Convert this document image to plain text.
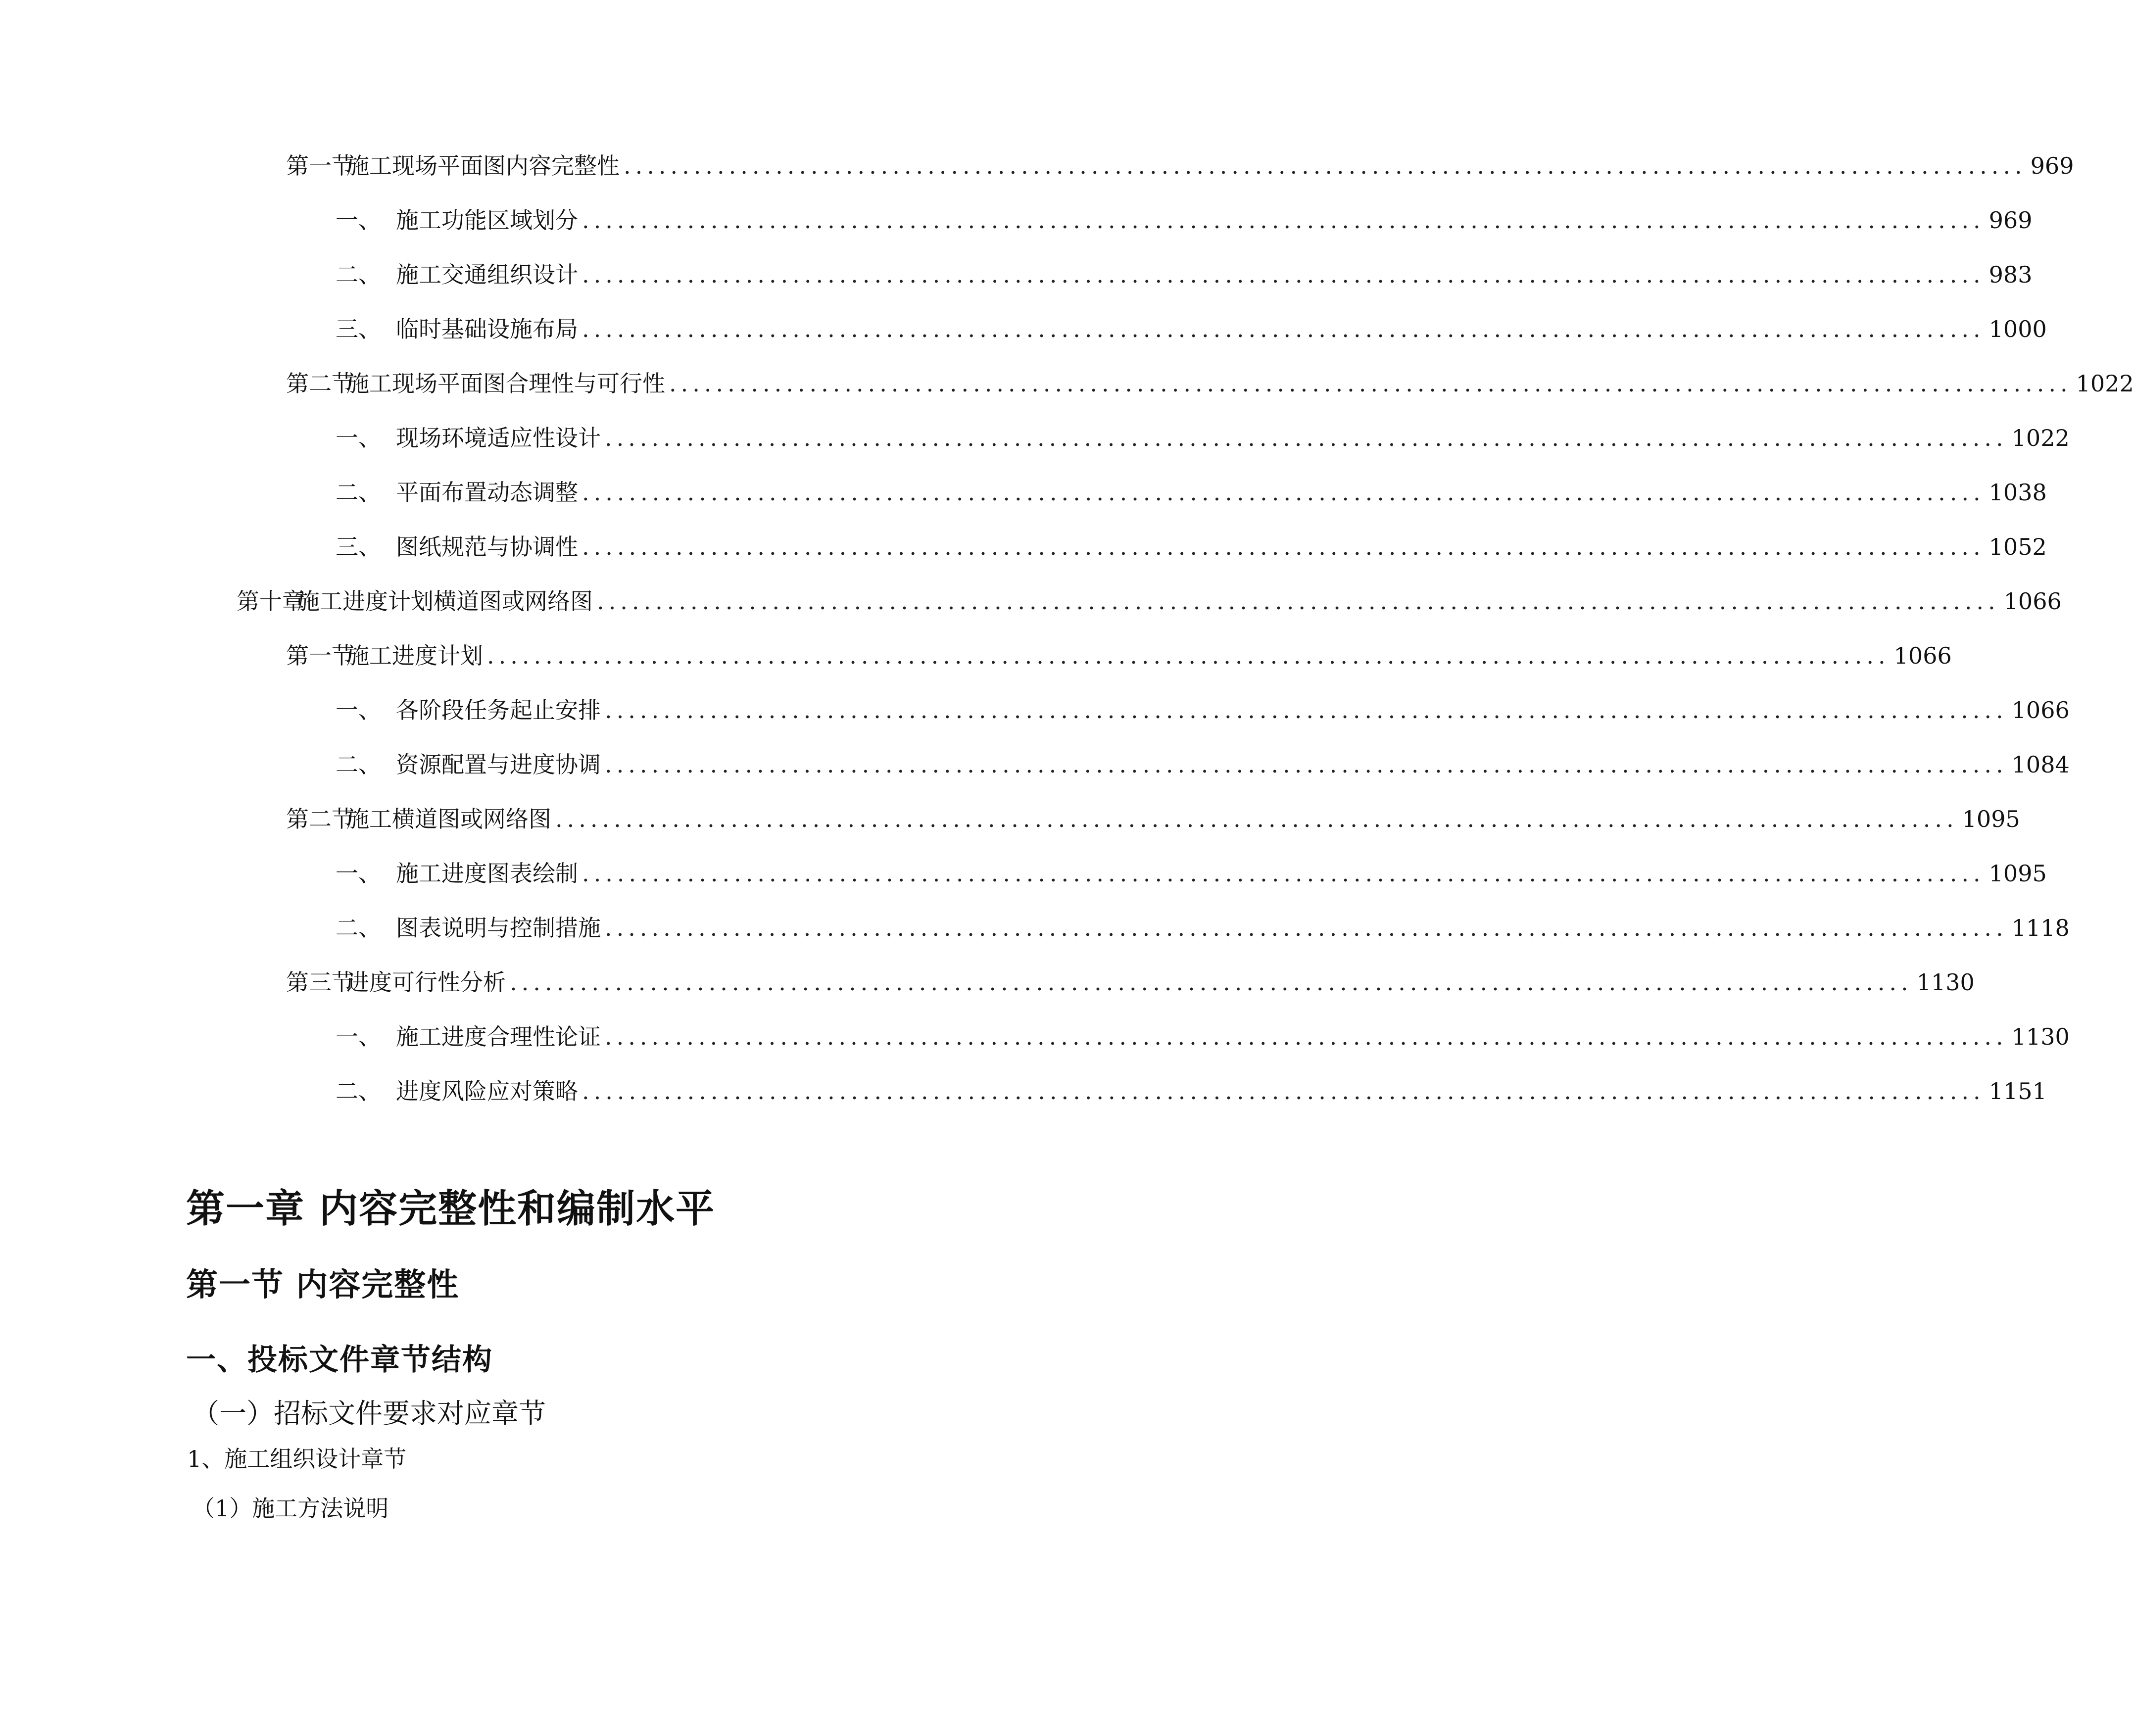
第一节施工现场平面图内容完整性 ........................................................................................................................ 969
一、 施工功能区域划分 ........................................................................................................................ 969
二、 施工交通组织设计 ........................................................................................................................ 983
三、 临时基础设施布局 ........................................................................................................................ 1000
第二节施工现场平面图合理性与可行性 ........................................................................................................................ 1022
一、 现场环境适应性设计 ........................................................................................................................ 1022
二、 平面布置动态调整 ........................................................................................................................ 1038
三、 图纸规范与协调性 ........................................................................................................................ 1052
第十章施工进度计划横道图或网络图 ........................................................................................................................ 1066
第一节施工进度计划 ........................................................................................................................ 1066
一、 各阶段任务起止安排 ........................................................................................................................ 1066
二、 资源配置与进度协调 ........................................................................................................................ 1084
第二节施工横道图或网络图 ........................................................................................................................ 1095
一、 施工进度图表绘制 ........................................................................................................................ 1095
二、 图表说明与控制措施 ........................................................................................................................ 1118
第三节进度可行性分析 ........................................................................................................................ 1130
一、 施工进度合理性论证 ........................................................................................................................ 1130
二、 进度风险应对策略 ........................................................................................................................ 1151
第一章 内容完整性和编制水平
第一节 内容完整性
一、投标文件章节结构
（一）招标文件要求对应章节
1、施工组织设计章节
（1）施工方法说明
